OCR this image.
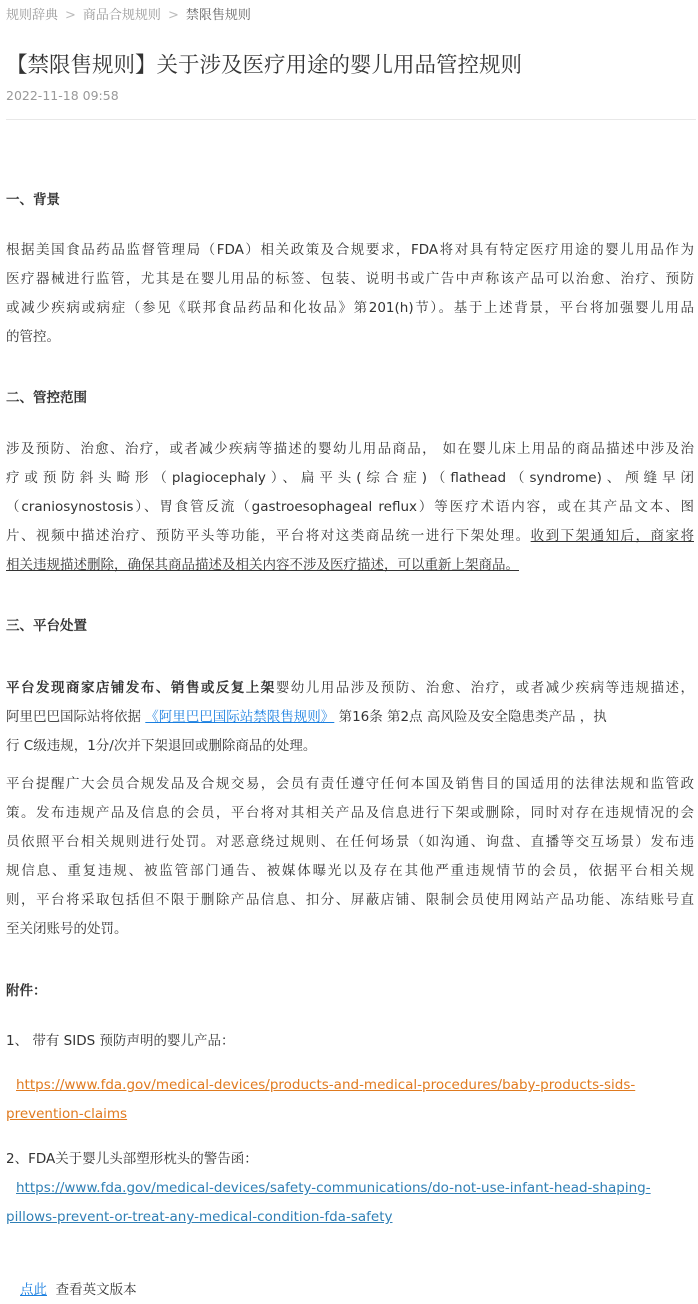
规则辞典 > 商品合规规则 > 禁限售规则
【禁限售规则】关于涉及医疗用途的婴儿用品管控规则
2022-11-18 09:58
一、背景

根据美国食品药品监督管理局（FDA）相关政策及合规要求，FDA将对具有特定医疗用途的婴儿用品作为

医疗器械进行监管，尤其是在婴儿用品的标签、包装、说明书或广告中声称该产品可以治愈、治疗、预防

或减少疾病或病症（参见《联邦食品药品和化妆品》第201(h)节）。基于上述背景，平台将加强婴儿用品

的管控。

二、管控范围

涉及预防、治愈、治疗，或者减少疾病等描述的婴幼儿用品商品， 如在婴儿床上用品的商品描述中涉及治

疗或预防斜头畸形（plagiocephaly）、扁平头(综合症)（flathead（syndrome)、颅缝早闭

（craniosynostosis）、胃食管反流（gastroesophageal reflux）等医疗术语内容，或在其产品文本、图

片、视频中描述治疗、预防平头等功能，平台将对这类商品统一进行下架处理。收到下架通知后，商家将

相关违规描述删除，确保其商品描述及相关内容不涉及医疗描述，可以重新上架商品。

三、平台处置

平台发现商家店铺发布、销售或反复上架婴幼儿用品涉及预防、治愈、治疗，或者减少疾病等违规描述，

阿里巴巴国际站将依据 《阿里巴巴国际站禁限售规则》 第16条 第2点 高风险及安全隐患类产品 ，执

行 C级违规，1分/次并下架退回或删除商品的处理。

平台提醒广大会员合规发品及合规交易，会员有责任遵守任何本国及销售目的国适用的法律法规和监管政

策。发布违规产品及信息的会员，平台将对其相关产品及信息进行下架或删除，同时对存在违规情况的会

员依照平台相关规则进行处罚。对恶意绕过规则、在任何场景（如沟通、询盘、直播等交互场景）发布违

规信息、重复违规、被监管部门通告、被媒体曝光以及存在其他严重违规情节的会员，依据平台相关规

则，平台将采取包括但不限于删除产品信息、扣分、屏蔽店铺、限制会员使用网站产品功能、冻结账号直

至关闭账号的处罚。

附件：
1、 带有 SIDS 预防声明的婴儿产品：
https://www.fda.gov/medical-devices/products-and-medical-procedures/baby-products-sids-
prevention-claims
2、FDA关于婴儿头部塑形枕头的警告函：
https://www.fda.gov/medical-devices/safety-communications/do-not-use-infant-head-shaping-
pillows-prevent-or-treat-any-medical-condition-fda-safety
点此 查看英文版本
